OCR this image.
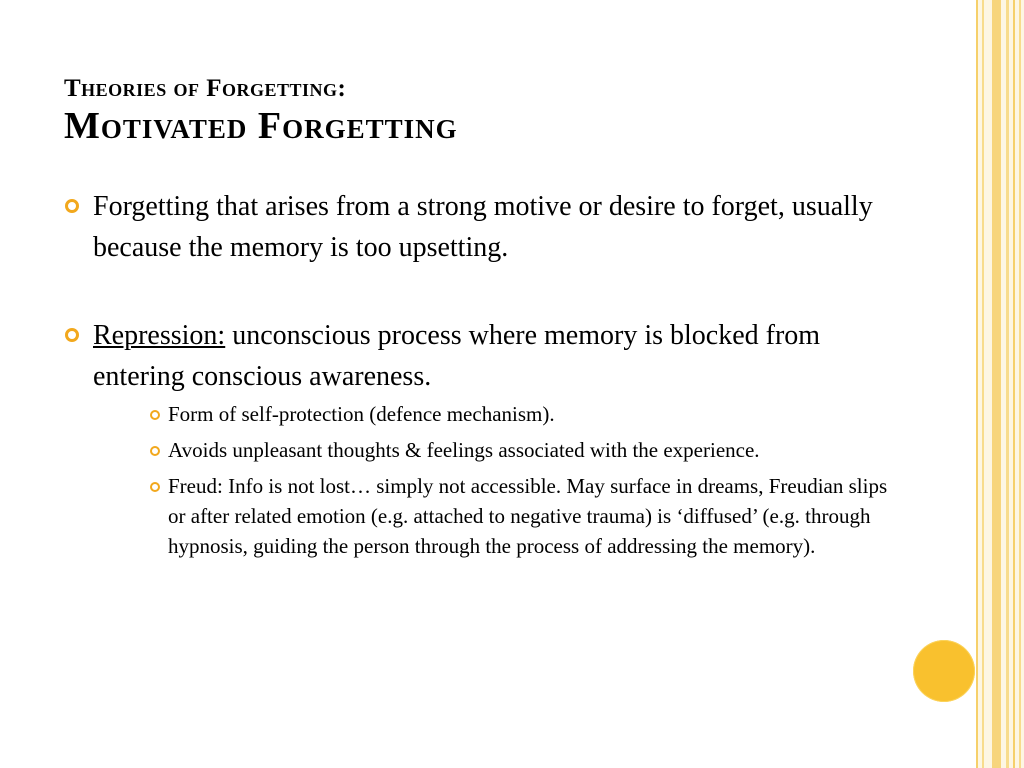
Theories of Forgetting:
Motivated Forgetting
Forgetting that arises from a strong motive or desire to forget, usually because the memory is too upsetting.
Repression: unconscious process where memory is blocked from entering conscious awareness.
Form of self-protection (defence mechanism).
Avoids unpleasant thoughts & feelings associated with the experience.
Freud: Info is not lost… simply not accessible. May surface in dreams, Freudian slips or after related emotion (e.g. attached to negative trauma) is ‘diffused’ (e.g. through hypnosis, guiding the person through the process of addressing the memory).
